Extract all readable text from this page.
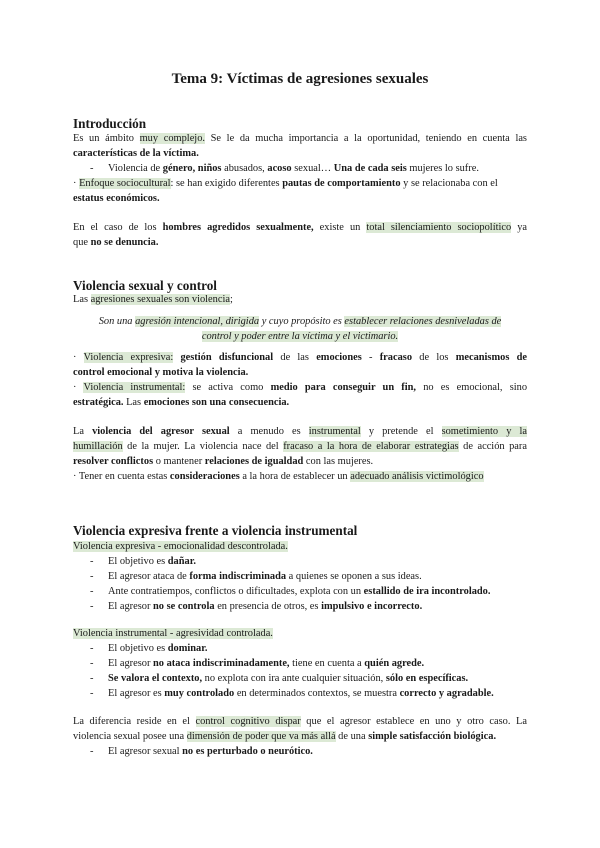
Tema 9: Víctimas de agresiones sexuales
Introducción
Es un ámbito muy complejo. Se le da mucha importancia a la oportunidad, teniendo en cuenta las
características de la víctima.
- Violencia de género, niños abusados, acoso sexual… Una de cada seis mujeres lo sufre.
· Enfoque sociocultural: se han exigido diferentes pautas de comportamiento y se relacionaba con el
estatus económicos.
En el caso de los hombres agredidos sexualmente, existe un total silenciamiento sociopolítico ya
que no se denuncia.
Violencia sexual y control
Las agresiones sexuales son violencia;
Son una agresión intencional, dirigida y cuyo propósito es establecer relaciones desniveladas de
control y poder entre la víctima y el victimario.
· Violencia expresiva: gestión disfuncional de las emociones - fracaso de los mecanismos de
control emocional y motiva la violencia.
· Violencia instrumental: se activa como medio para conseguir un fin, no es emocional, sino
estratégica. Las emociones son una consecuencia.
La violencia del agresor sexual a menudo es instrumental y pretende el sometimiento y la
humillación de la mujer. La violencia nace del fracaso a la hora de elaborar estrategias de acción para
resolver conflictos o mantener relaciones de igualdad con las mujeres.
· Tener en cuenta estas consideraciones a la hora de establecer un adecuado análisis victimológico
Violencia expresiva frente a violencia instrumental
Violencia expresiva - emocionalidad descontrolada.
- El objetivo es dañar.
- El agresor ataca de forma indiscriminada a quienes se oponen a sus ideas.
- Ante contratiempos, conflictos o dificultades, explota con un estallido de ira incontrolado.
- El agresor no se controla en presencia de otros, es impulsivo e incorrecto.
Violencia instrumental - agresividad controlada.
- El objetivo es dominar.
- El agresor no ataca indiscriminadamente, tiene en cuenta a quién agrede.
- Se valora el contexto, no explota con ira ante cualquier situación, sólo en específicas.
- El agresor es muy controlado en determinados contextos, se muestra correcto y agradable.
La diferencia reside en el control cognitivo dispar que el agresor establece en uno y otro caso. La
violencia sexual posee una dimensión de poder que va más allá de una simple satisfacción biológica.
- El agresor sexual no es perturbado o neurótico.
